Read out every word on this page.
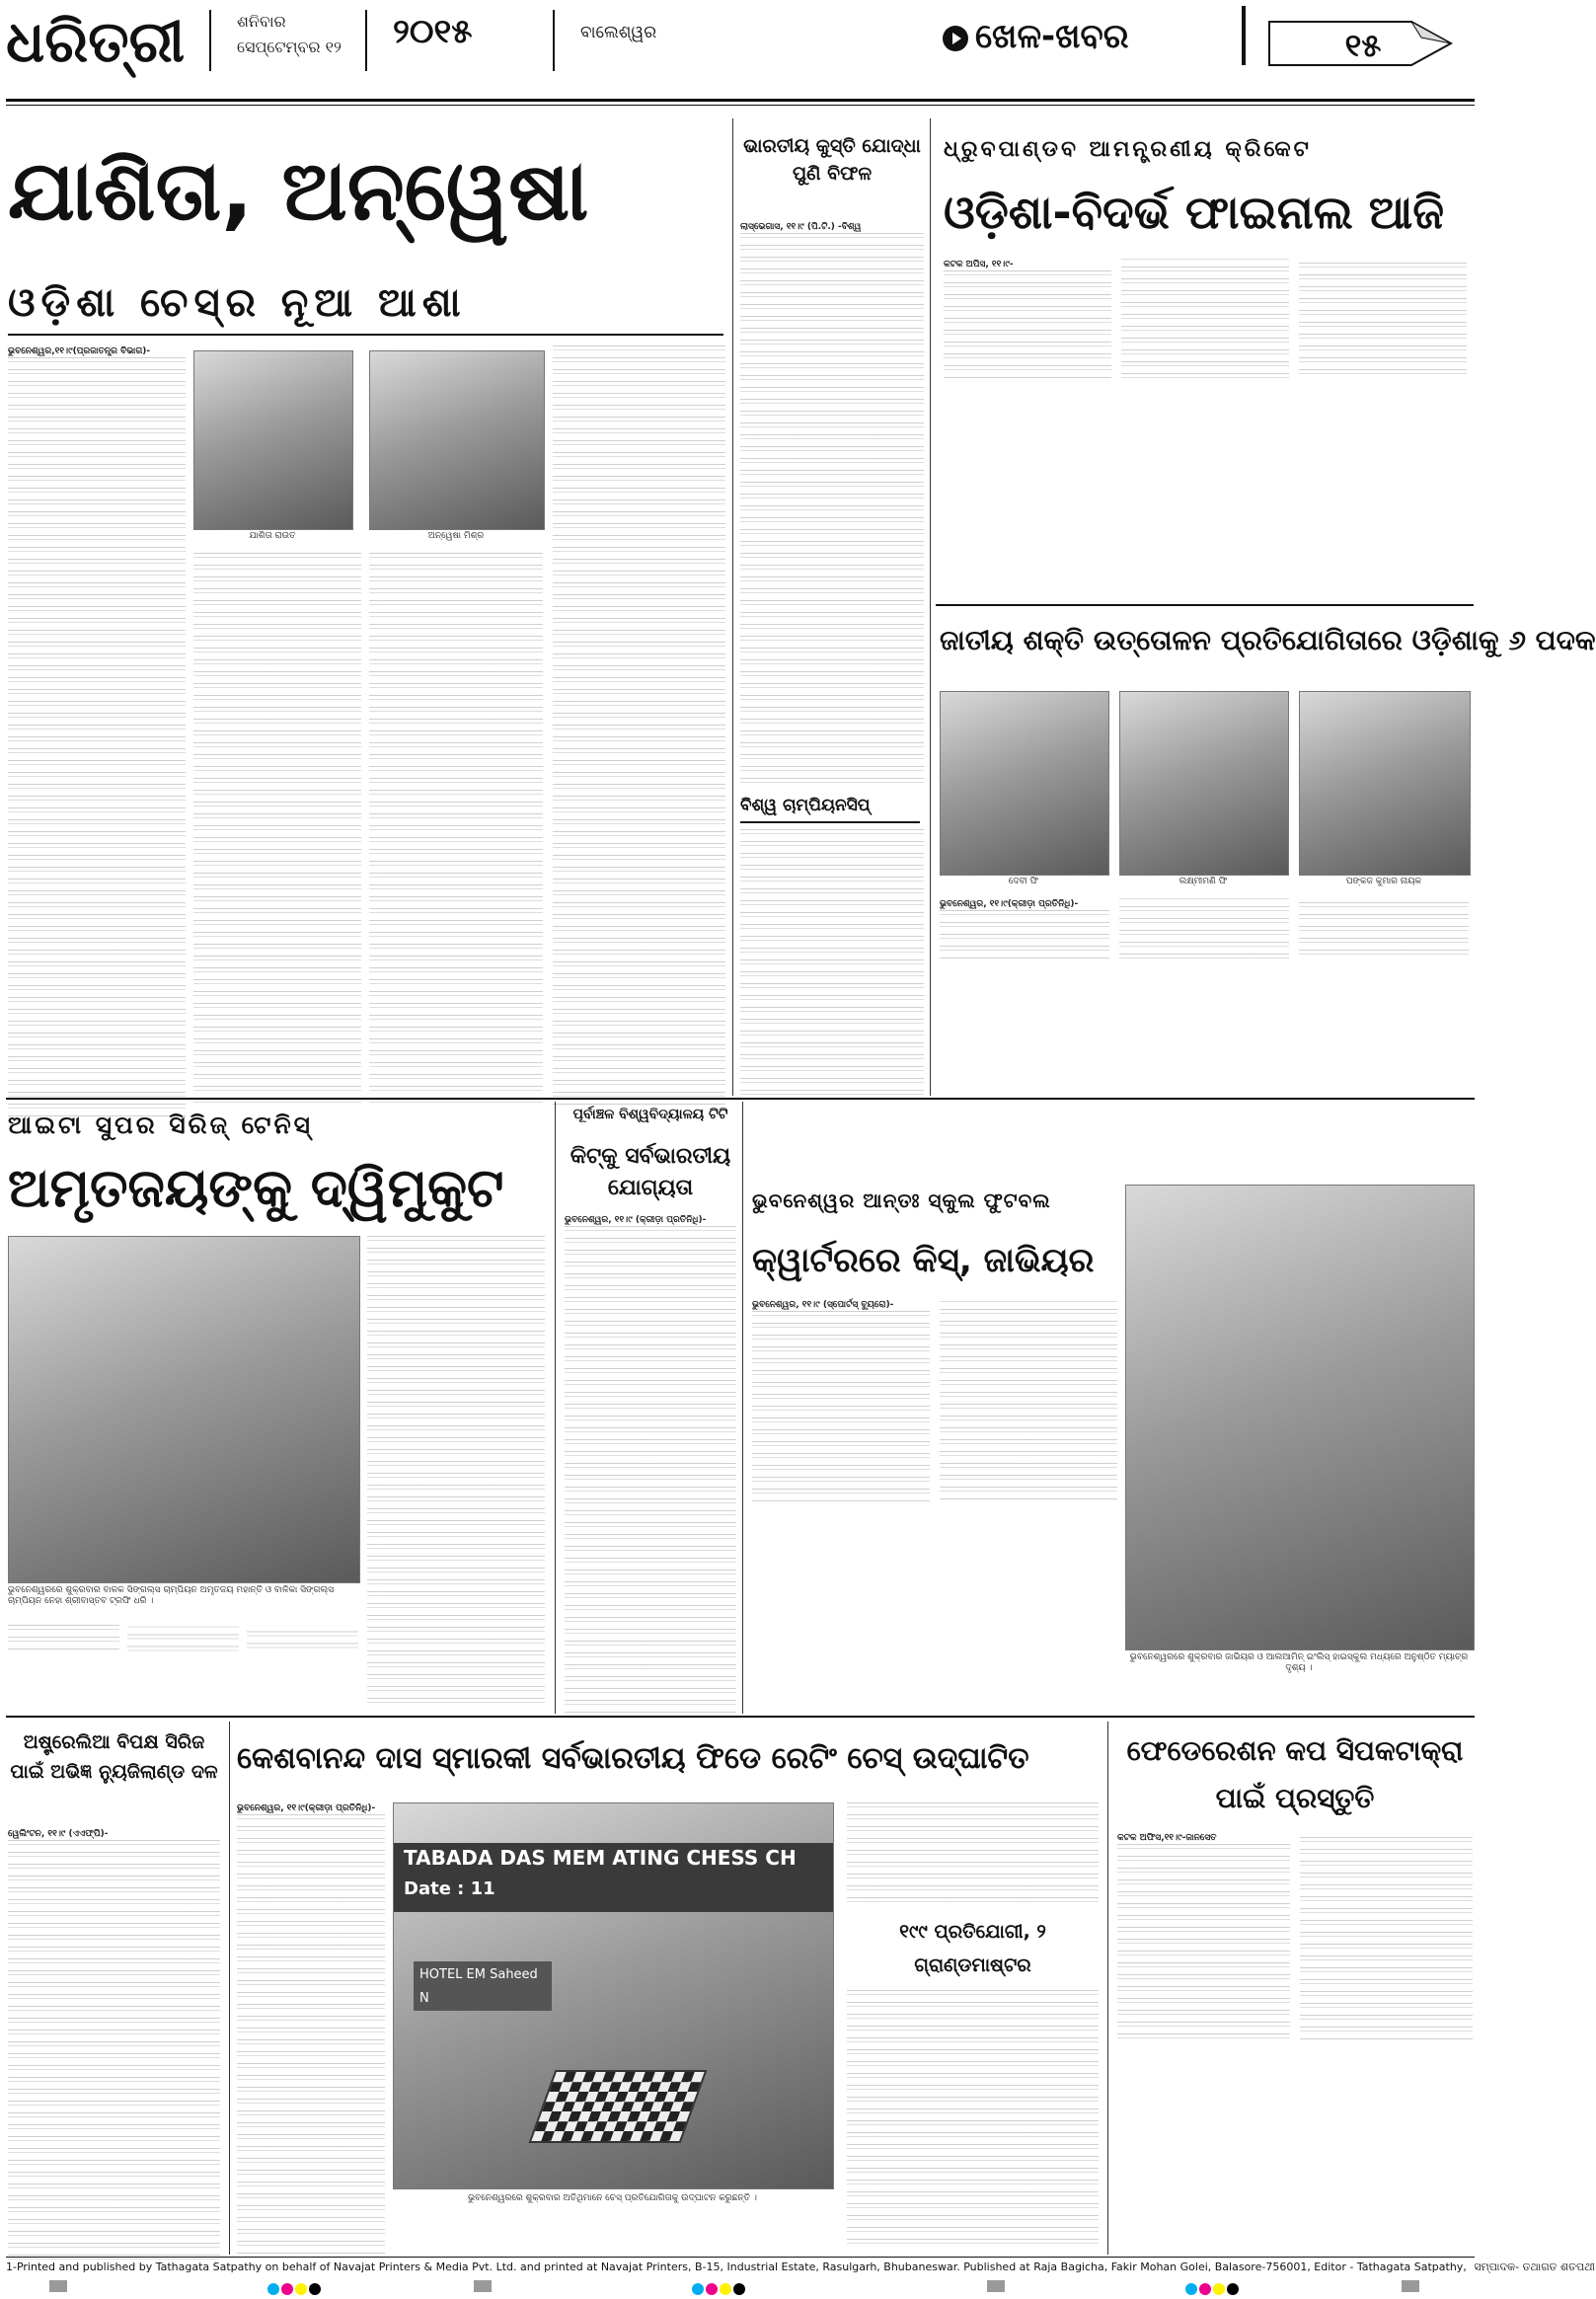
ଧରିତ୍ରୀ	ଶନିବାର
ସେପ୍ଟେମ୍ବର ୧୨	୨୦୧୫	ବାଲେଶ୍ୱର	ଖେଳ-ଖବର	୧୫
ଯାଶିତା, ଅନ୍ୱେଷା
ଓଡ଼ିଶା ଚେସ୍‌ର ନୂଆ ଆଶା
ଭୁବନେଶ୍ୱର,୧୧।୯(ପ୍ରଜାତନ୍ତ୍ର ବିଭାଗ)-
ଯାଶିତା ରାଉତ	ଅନ୍ୱେଷା ମିଶ୍ର
ଭାରତୀୟ କୁସ୍ତି ଯୋଦ୍ଧା ପୁଣି ବିଫଳ
ଲାସ୍‌ଭେଗାସ, ୧୧।୯ (ପି.ଟି.) -ବିଶ୍ୱ
ବିଶ୍ୱ ଚାମ୍ପିୟନସିପ୍
ଧ୍ରୁବପାଣ୍ଡବ ଆମନ୍ତ୍ରଣୀୟ କ୍ରିକେଟ
ଓଡ଼ିଶା-ବିଦର୍ଭ ଫାଇନାଲ ଆଜି
କଟକ ଅପିସ, ୧୧।୯-
ଜାତୀୟ ଶକ୍ତି ଉତ୍ତୋଳନ ପ୍ରତିଯୋଗିତାରେ ଓଡ଼ିଶାକୁ ୬ ପଦକ
ଦେବୀ ଫି	ଲକ୍ଷ୍ମୀମଣି ଫି	ପଙ୍କଜ କୁମାର ନାୟକ
ଭୁବନେଶ୍ୱର, ୧୧।୯(କ୍ରୀଡ଼ା ପ୍ରତିନିଧି)-
ଆଇଟା ସୁପର ସିରିଜ୍ ଟେନିସ୍
ଅମୃତଜୟଙ୍କୁ ଦ୍ୱିମୁକୁଟ
ଭୁବନେଶ୍ୱରରେ ଶୁକ୍ରବାର ବାଳକ ସିଙ୍ଗଲ୍ସ ଚାମ୍ପିୟନ ଅମୃତଜୟ ମହାନ୍ତି ଓ ବାଳିକା ସିଙ୍ଗଲ୍ସ ଚାମ୍ପିୟନ ନେହା ଶ୍ରୀବାସ୍ତବ ଟ୍ରଫି ଧରି ।
ପୂର୍ବାଞ୍ଚଳ ବିଶ୍ୱବିଦ୍ୟାଳୟ ଟିଟି
କିଟ୍‌କୁ ସର୍ବଭାରତୀୟ ଯୋଗ୍ୟତା
ଭୁବନେଶ୍ୱର, ୧୧।୯ (କ୍ରୀଡ଼ା ପ୍ରତିନିଧି)-
ଭୁବନେଶ୍ୱର ଆନ୍ତଃ ସ୍କୁଲ ଫୁଟବଲ
କ୍ୱାର୍ଟରରେ କିସ୍, ଜାଭିୟର
ଭୁବନେଶ୍ୱର, ୧୧।୯ (ସ୍ପୋର୍ଟସ୍ ବ୍ୟୁରୋ)-
ଭୁବନେଶ୍ୱରରେ ଶୁକ୍ରବାର ଜାଭିୟର ଓ ଆଲଆମିନ୍ ଇଂଲିସ୍ ହାଇସ୍କୁଲ ମଧ୍ୟରେ ଅନୁଷ୍ଠିତ ମ୍ୟାଚ୍‌ର ଦୃଶ୍ୟ ।
ଅଷ୍ଟ୍ରେଲିଆ ବିପକ୍ଷ ସିରିଜ ପାଇଁ ଅଭିଜ୍ଞ ନ୍ୟୁଜିଲାଣ୍ଡ ଦଳ
ୱେଲିଂଟନ, ୧୧।୯ (ଏଏଫ୍‌ପି)-
କେଶବାନନ୍ଦ ଦାସ ସ୍ମାରକୀ ସର୍ବଭାରତୀୟ ଫିଡେ ରେଟିଂ ଚେସ୍ ଉଦ୍‌ଘାଟିତ
ଭୁବନେଶ୍ୱର, ୧୧।୯(କ୍ରୀଡ଼ା ପ୍ରତିନିଧି)-
TABADA DAS MEM ATING CHESS CH
Date : 11
HOTEL EM Saheed N
ଭୁବନେଶ୍ୱରରେ ଶୁକ୍ରବାର ଅତିଥିମାନେ ଚେସ୍ ପ୍ରତିଯୋଗିତାକୁ ଉଦ୍‌ଘାଟନ କରୁଛନ୍ତି ।
୧୯୯ ପ୍ରତିଯୋଗୀ, ୨ ଗ୍ରାଣ୍ଡମାଷ୍ଟର
ଫେଡେରେଶନ କପ ସିପକଟାକ୍ରା ପାଇଁ ପ୍ରସ୍ତୁତି
କଟକ ଅଫିସ,୧୧।୯-ଜାନସେତ
1-Printed and published by Tathagata Satpathy on behalf of Navajat Printers & Media Pvt. Ltd. and printed at Navajat Printers, B-15, Industrial Estate, Rasulgarh, Bhubaneswar. Published at Raja Bagicha, Fakir Mohan Golei, Balasore-756001, Editor - Tathagata Satpathy, ସମ୍ପାଦକ- ତଥାଗତ ଶତପଥୀ
